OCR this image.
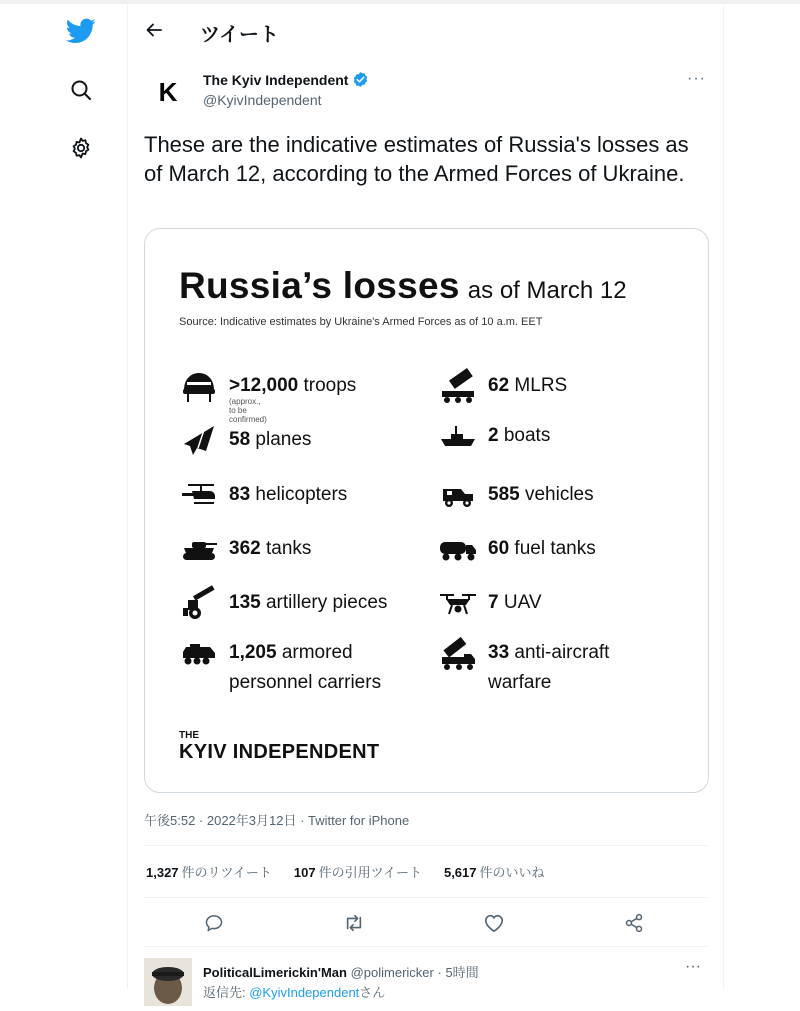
ツイート
K	The Kyiv Independent
@KyivIndependent
···
These are the indicative estimates of Russia's losses as of March 12, according to the Armed Forces of Ukraine.
Russia’s losses as of March 12
Source: Indicative estimates by Ukraine's Armed Forces as of 10 a.m. EET
>12,000 troops
(approx., to be confirmed)
58 planes
83 helicopters
362 tanks
135 artillery pieces
1,205 armored
personnel carriers
62 MLRS
2 boats
585 vehicles
60 fuel tanks
7 UAV
33 anti-aircraft
warfare
THE
KYIV INDEPENDENT
午後5:52 · 2022年3月12日 · Twitter for iPhone
1,327 件のリツイート 107 件の引用ツイート 5,617 件のいいね
PoliticalLimerickin'Man @polimericker · 5時間	···
返信先: @KyivIndependentさん
